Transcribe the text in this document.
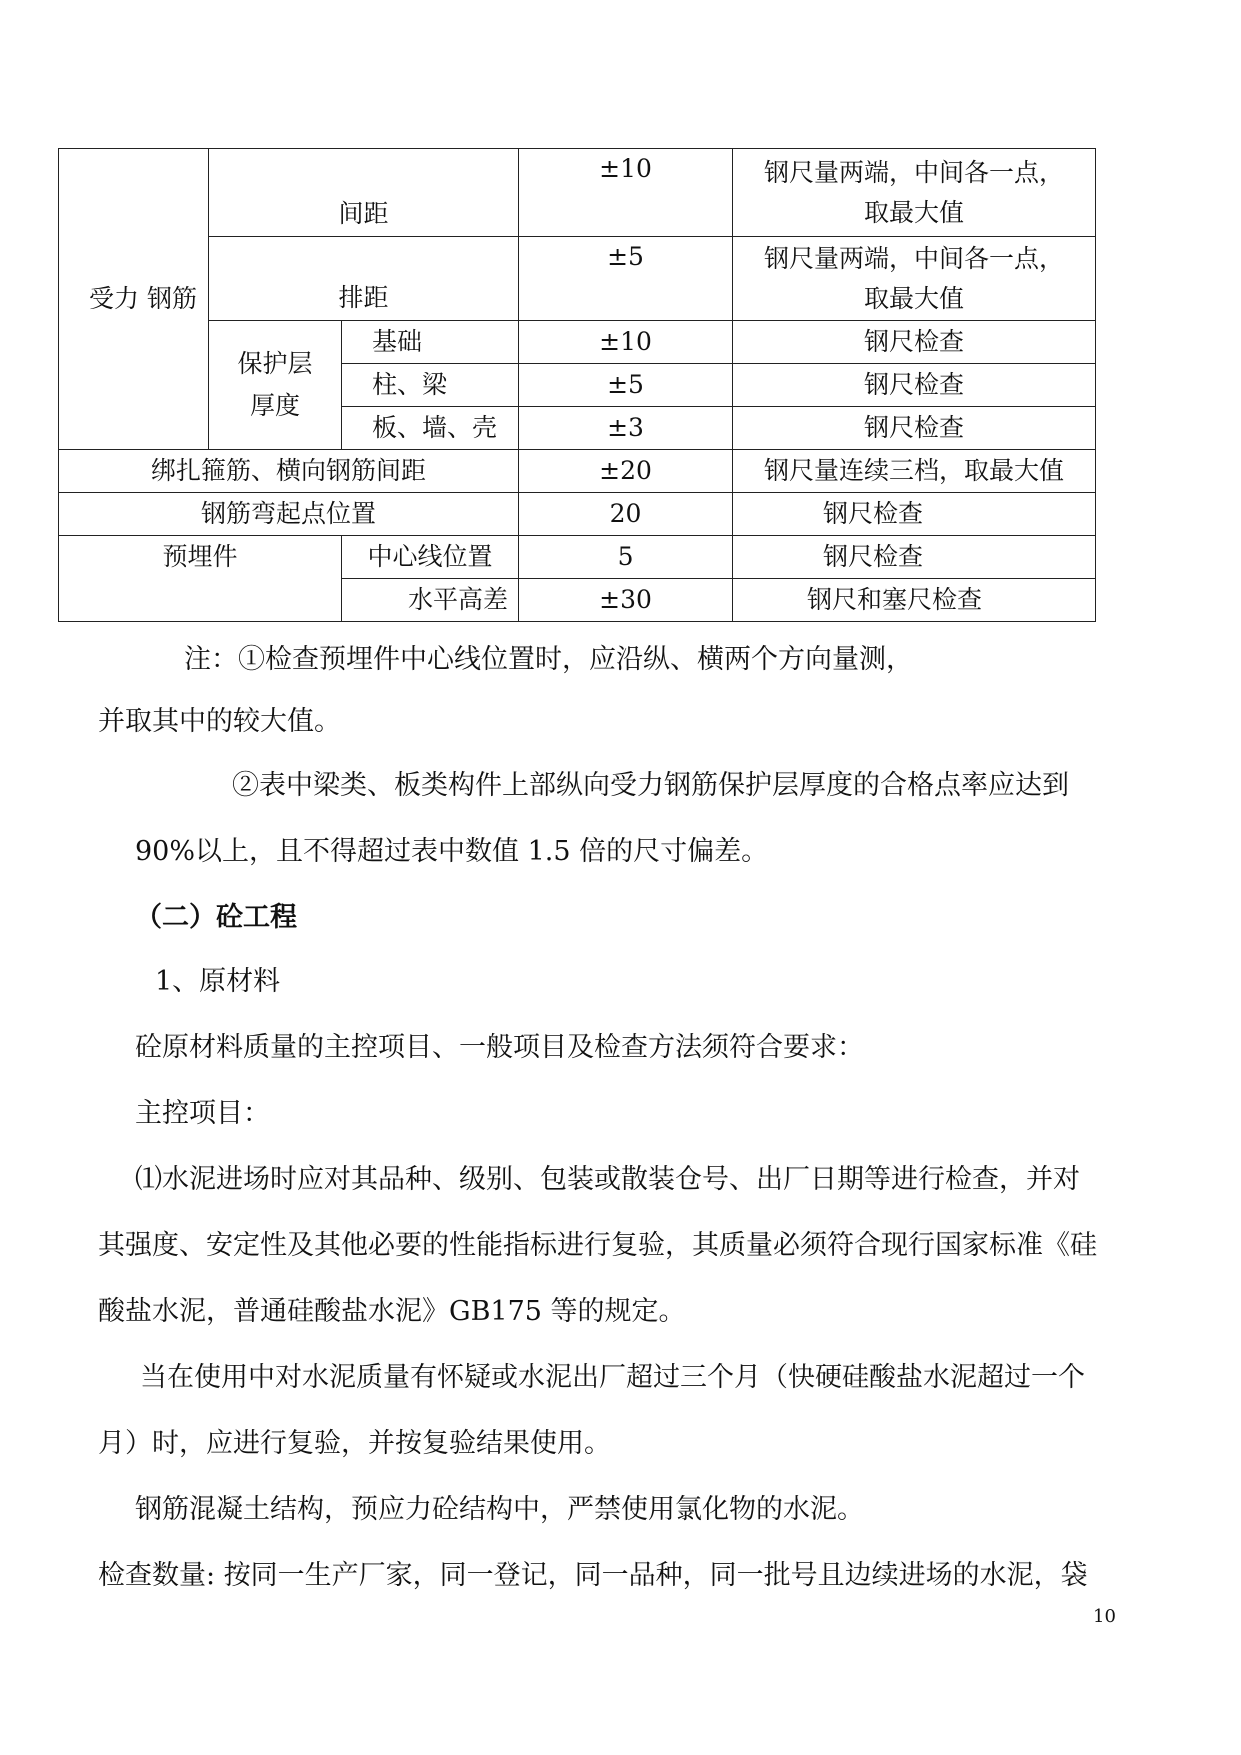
受力 钢筋	间距		±10	钢尺量两端，中间各一点，
取最大值

	排距		±5	钢尺量两端，中间各一点，
取最大值

	保护层
厚度	基础	±10	钢尺检查
		柱、梁	±5	钢尺检查
		板、墙、壳	±3	钢尺检查
绑扎箍筋、横向钢筋间距			±20	钢尺量连续三档，取最大值
钢筋弯起点位置			20	钢尺检查
预埋件		中心线位置	5	钢尺检查
		水平高差	±30	钢尺和塞尺检查
注：①检查预埋件中心线位置时，应沿纵、横两个方向量测，
并取其中的较大值。
②表中梁类、板类构件上部纵向受力钢筋保护层厚度的合格点率应达到
90%以上，且不得超过表中数值 1.5 倍的尺寸偏差。
（二）砼工程
1、原材料
砼原材料质量的主控项目、一般项目及检查方法须符合要求：
主控项目：
⑴水泥进场时应对其品种、级别、包装或散装仓号、出厂日期等进行检查，并对
其强度、安定性及其他必要的性能指标进行复验，其质量必须符合现行国家标准《硅
酸盐水泥，普通硅酸盐水泥》GB175 等的规定。
当在使用中对水泥质量有怀疑或水泥出厂超过三个月（快硬硅酸盐水泥超过一个
月）时，应进行复验，并按复验结果使用。
钢筋混凝土结构，预应力砼结构中，严禁使用氯化物的水泥。
检查数量: 按同一生产厂家，同一登记，同一品种，同一批号且边续进场的水泥，袋
10
